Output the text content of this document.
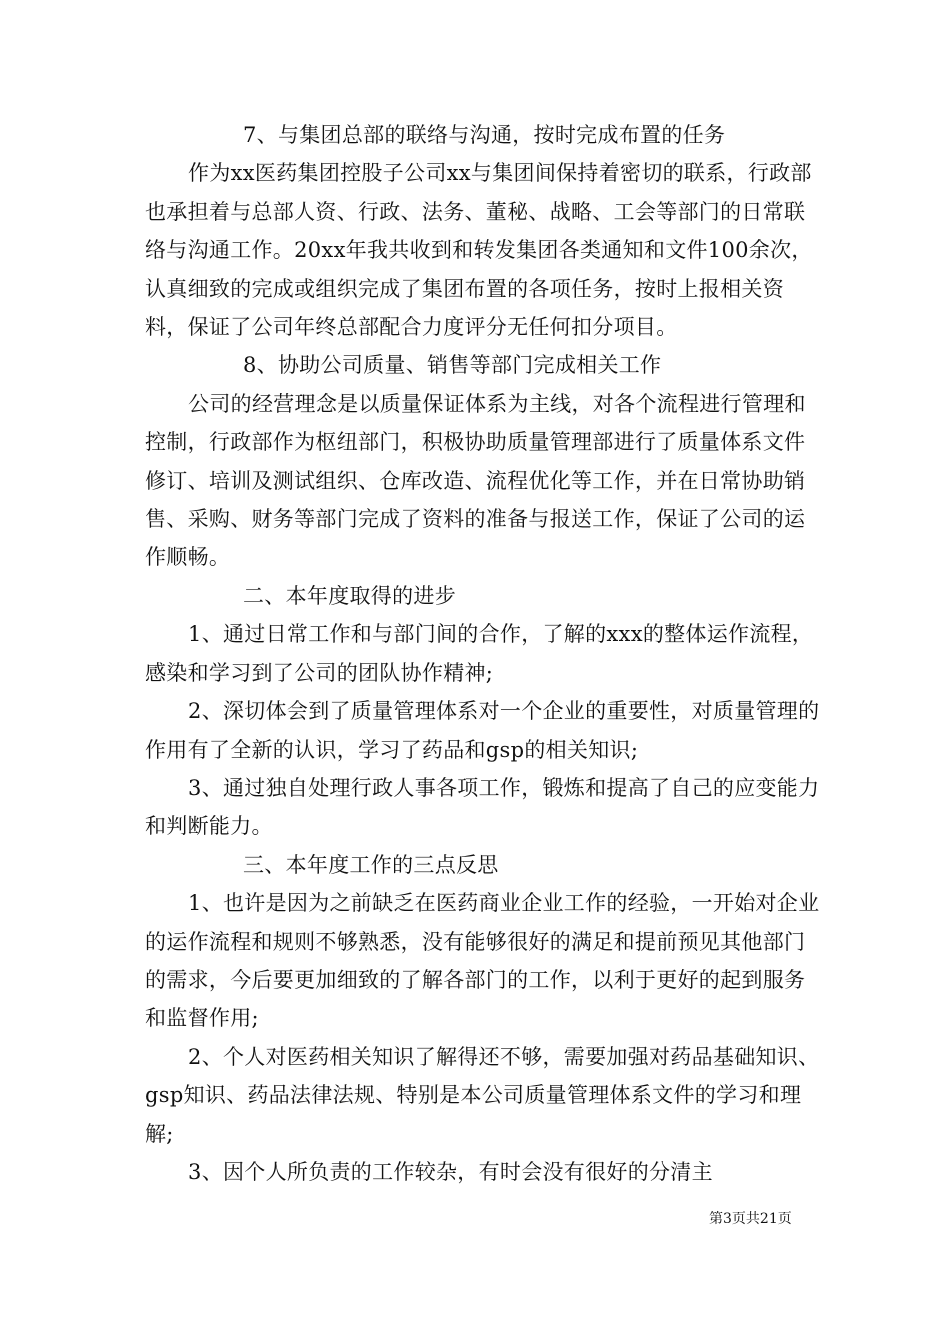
7、与集团总部的联络与沟通，按时完成布置的任务

作为xx医药集团控股子公司xx与集团间保持着密切的联系，行政部也承担着与总部人资、行政、法务、董秘、战略、工会等部门的日常联络与沟通工作。20xx年我共收到和转发集团各类通知和文件100余次，认真细致的完成或组织完成了集团布置的各项任务，按时上报相关资料，保证了公司年终总部配合力度评分无任何扣分项目。

8、协助公司质量、销售等部门完成相关工作

公司的经营理念是以质量保证体系为主线，对各个流程进行管理和控制，行政部作为枢纽部门，积极协助质量管理部进行了质量体系文件修订、培训及测试组织、仓库改造、流程优化等工作，并在日常协助销售、采购、财务等部门完成了资料的准备与报送工作，保证了公司的运作顺畅。

二、本年度取得的进步

1、通过日常工作和与部门间的合作，了解的xxx的整体运作流程，感染和学习到了公司的团队协作精神;

2、深切体会到了质量管理体系对一个企业的重要性，对质量管理的作用有了全新的认识，学习了药品和gsp的相关知识;

3、通过独自处理行政人事各项工作，锻炼和提高了自己的应变能力和判断能力。

三、本年度工作的三点反思

1、也许是因为之前缺乏在医药商业企业工作的经验，一开始对企业的运作流程和规则不够熟悉，没有能够很好的满足和提前预见其他部门的需求，今后要更加细致的了解各部门的工作，以利于更好的起到服务和监督作用;

2、个人对医药相关知识了解得还不够，需要加强对药品基础知识、gsp知识、药品法律法规、特别是本公司质量管理体系文件的学习和理解;

3、因个人所负责的工作较杂，有时会没有很好的分清主

第3页共21页
